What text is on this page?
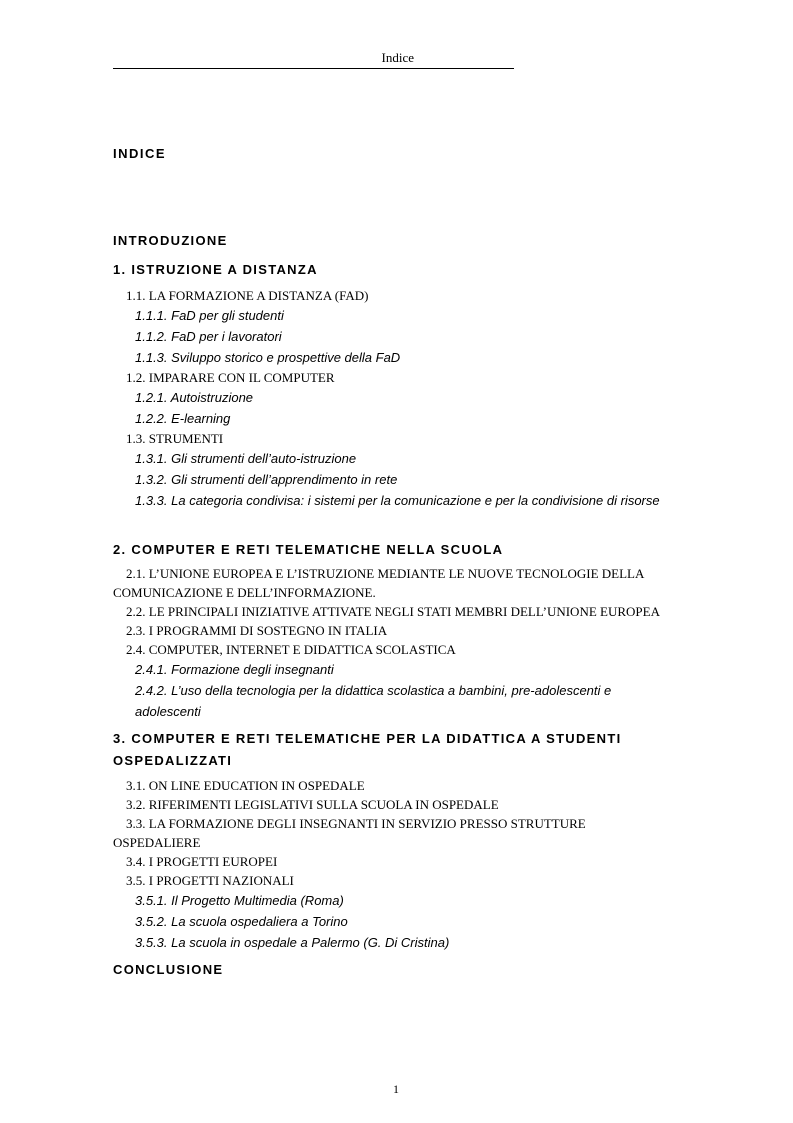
Indice
INDICE

INTRODUZIONE

1. ISTRUZIONE A DISTANZA

1.1. LA FORMAZIONE A DISTANZA (FAD)

1.1.1. FaD per gli studenti

1.1.2. FaD per i lavoratori

1.1.3. Sviluppo storico e prospettive della FaD

1.2. IMPARARE CON IL COMPUTER

1.2.1. Autoistruzione

1.2.2. E-learning

1.3. STRUMENTI

1.3.1. Gli strumenti dell’auto-istruzione

1.3.2. Gli strumenti dell’apprendimento in rete

1.3.3. La categoria condivisa: i sistemi per la comunicazione e per la condivisione di risorse

2. COMPUTER E RETI TELEMATICHE NELLA SCUOLA

2.1. L’UNIONE EUROPEA E L’ISTRUZIONE MEDIANTE LE NUOVE TECNOLOGIE DELLA COMUNICAZIONE E DELL’INFORMAZIONE.

2.2. LE PRINCIPALI INIZIATIVE ATTIVATE NEGLI STATI MEMBRI DELL’UNIONE EUROPEA

2.3. I PROGRAMMI DI SOSTEGNO IN ITALIA

2.4. COMPUTER, INTERNET E DIDATTICA SCOLASTICA

2.4.1. Formazione degli insegnanti

2.4.2. L’uso della tecnologia per la didattica scolastica a bambini, pre-adolescenti e adolescenti

3. COMPUTER E RETI TELEMATICHE PER LA DIDATTICA A STUDENTI OSPEDALIZZATI

3.1. ON LINE EDUCATION IN OSPEDALE

3.2. RIFERIMENTI LEGISLATIVI SULLA SCUOLA IN OSPEDALE

3.3. LA FORMAZIONE DEGLI INSEGNANTI IN SERVIZIO PRESSO STRUTTURE OSPEDALIERE

3.4. I PROGETTI EUROPEI

3.5. I PROGETTI NAZIONALI

3.5.1. Il Progetto Multimedia (Roma)

3.5.2. La scuola ospedaliera a Torino

3.5.3. La scuola in ospedale a Palermo (G. Di Cristina)

CONCLUSIONE

1
